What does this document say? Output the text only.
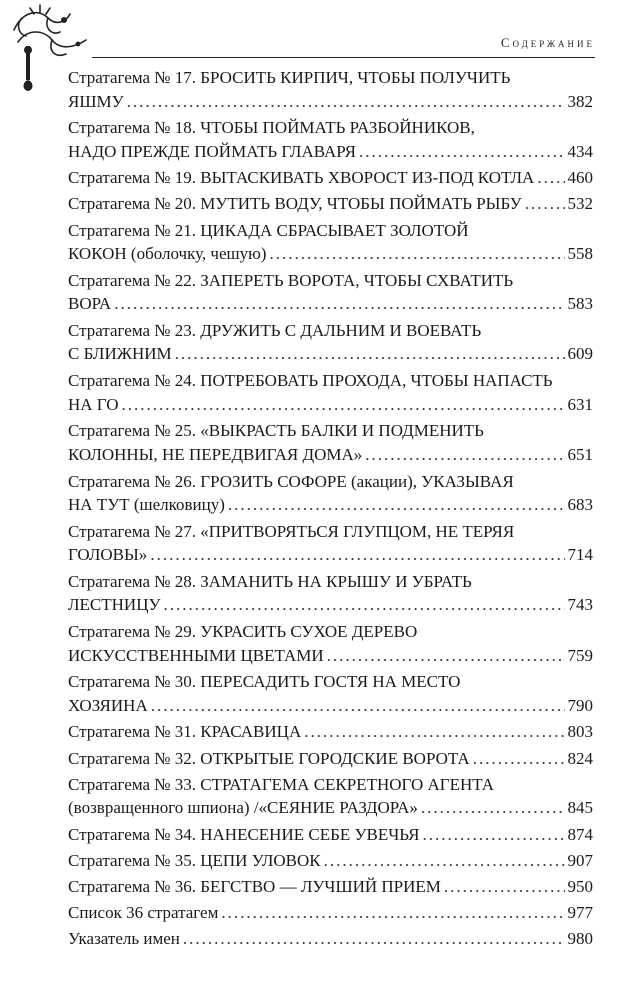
Содержание
Стратагема № 17. БРОСИТЬ КИРПИЧ, ЧТОБЫ ПОЛУЧИТЬ
ЯШМУ .....	382
Стратагема № 18. ЧТОБЫ ПОЙМАТЬ РАЗБОЙНИКОВ,
НАДО ПРЕЖДЕ ПОЙМАТЬ ГЛАВАРЯ .....	434
Стратагема № 19. ВЫТАСКИВАТЬ ХВОРОСТ ИЗ-ПОД КОТЛА ..... 460
Стратагема № 20. МУТИТЬ ВОДУ, ЧТОБЫ ПОЙМАТЬ РЫБУ .....	532
Стратагема № 21. ЦИКАДА СБРАСЫВАЕТ ЗОЛОТОЙ
КОКОН (оболочку, чешую) .....	558
Стратагема № 22. ЗАПЕРЕТЬ ВОРОТА, ЧТОБЫ СХВАТИТЬ
ВОРА .....	583
Стратагема № 23. ДРУЖИТЬ С ДАЛЬНИМ И ВОЕВАТЬ
С БЛИЖНИМ .....	609
Стратагема № 24. ПОТРЕБОВАТЬ ПРОХОДА, ЧТОБЫ НАПАСТЬ
НА ГО .....	631
Стратагема № 25. «ВЫКРАСТЬ БАЛКИ И ПОДМЕНИТЬ
КОЛОННЫ, НЕ ПЕРЕДВИГАЯ ДОМА» .....	651
Стратагема № 26. ГРОЗИТЬ СОФОРЕ (акации), УКАЗЫВАЯ
НА ТУТ (шелковицу) .....	683
Стратагема № 27. «ПРИТВОРЯТЬСЯ ГЛУПЦОМ, НЕ ТЕРЯЯ
ГОЛОВЫ» .....	714
Стратагема № 28. ЗАМАНИТЬ НА КРЫШУ И УБРАТЬ
ЛЕСТНИЦУ .....	743
Стратагема № 29. УКРАСИТЬ СУХОЕ ДЕРЕВО
ИСКУССТВЕННЫМИ ЦВЕТАМИ .....	759
Стратагема № 30. ПЕРЕСАДИТЬ ГОСТЯ НА МЕСТО
ХОЗЯИНА .....	790
Стратагема № 31. КРАСАВИЦА .....	803
Стратагема № 32. ОТКРЫТЫЕ ГОРОДСКИЕ ВОРОТА .....	824
Стратагема № 33. СТРАТАГЕМА СЕКРЕТНОГО АГЕНТА
(возвращенного шпиона) /«СЕЯНИЕ РАЗДОРА» .....	845
Стратагема № 34. НАНЕСЕНИЕ СЕБЕ УВЕЧЬЯ .....	874
Стратагема № 35. ЦЕПИ УЛОВОК .....	907
Стратагема № 36. БЕГСТВО — ЛУЧШИЙ ПРИЕМ .....	950
Список 36 стратагем .....	977
Указатель имен .....	980
